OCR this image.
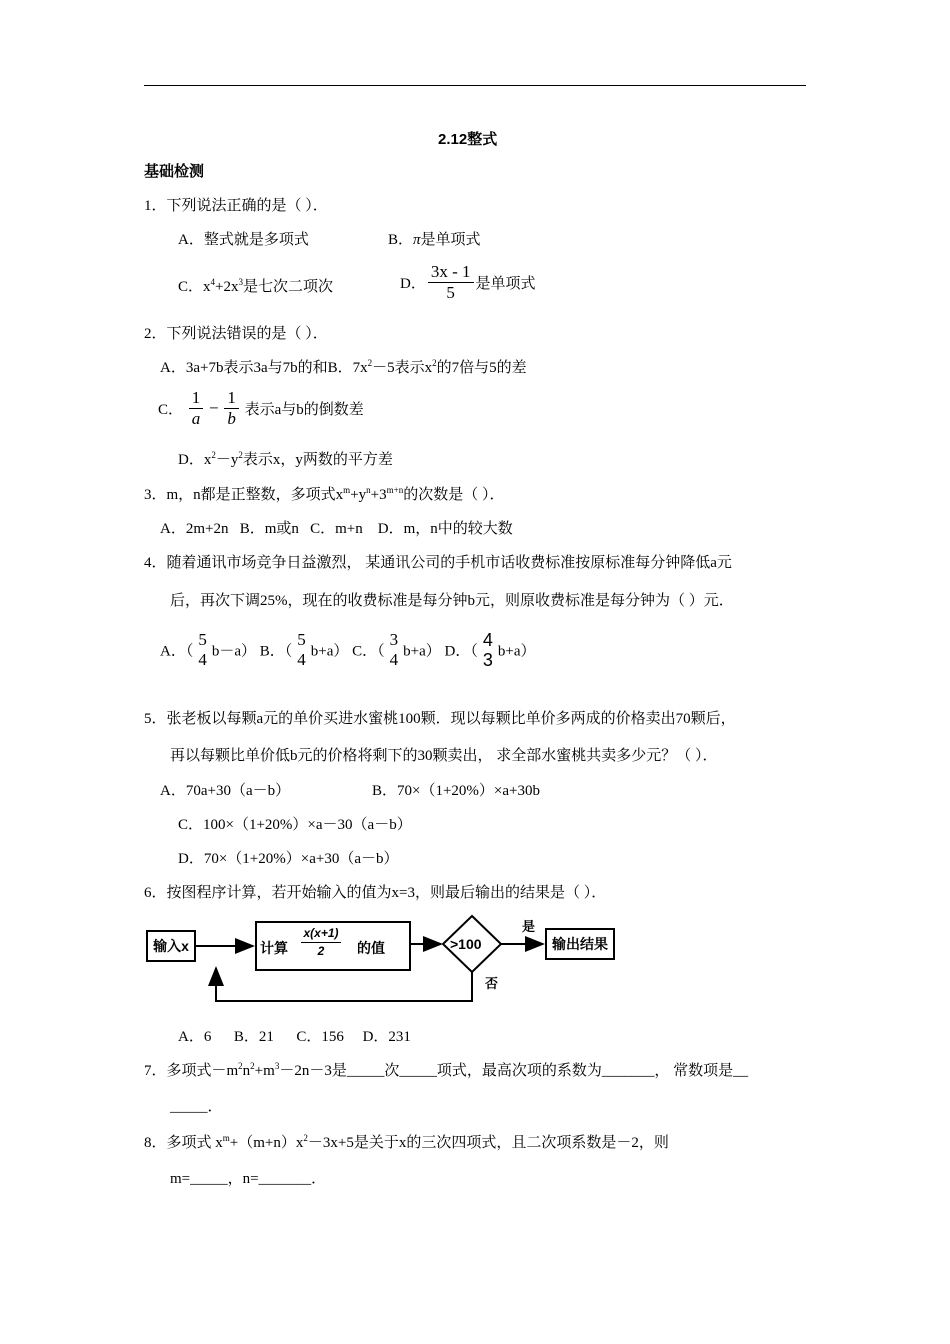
2.12整式
基础检测
1．下列说法正确的是（ ）．
A．整式就是多项式	B．π是单项式
C．$x^4+2x^3$是七次二项次	D． $\frac{3x - 1}{5}$ 是单项式
2．下列说法错误的是（ ）．
A．3a+7b表示3a与7b的和B．$7x^2-5$表示$x^2$的7倍与5的差
C． $\frac{1}{a} - \frac{1}{b}$ 表示a与b的倒数差
D．$x^2-y^2$表示x，y两数的平方差
3．m，n都是正整数，多项式$x^m+y^n+3^{m+n}$的次数是（ ）．
A．2m+2n   B．m或n   C．m+n    D．m，n中的较大数
4．随着通讯市场竞争日益激烈， 某通讯公司的手机市话收费标准按原标准每分钟降低a元
后，再次下调25%，现在的收费标准是每分钟b元，则原收费标准是每分钟为（ ）元．
A．（
5
4 b－a） B．（
5
4 b+a） C．（
3
4 b+a） D．（
4
3 b+a）
5．张老板以每颗a元的单价买进水蜜桃100颗．现以每颗比单价多两成的价格卖出70颗后，
再以每颗比单价低b元的价格将剩下的30颗卖出， 求全部水蜜桃共卖多少元？（ ）．
A．70a+30（a－b）	B．70×（1+20%）×a+30b
C．100×（1+20%）×a－30（a－b）
D．70×（1+20%）×a+30（a－b）
6．按图程序计算，若开始输入的值为x=3，则最后输出的结果是（ ）．
输入x	计算
x(x+1)
2	的值	>100
是
否
输出结果
A．6      B．21      C．156     D．231
7．多项式$-m^2n^2+m^3-2n-3$是_____次_____项式，最高次项的系数为_______， 常数项是__
_____．
8．多项式 $x^m+(m+n)x^2-3x+5$是关于x的三次四项式，且二次项系数是－2，则
m=_____，n=_______．
